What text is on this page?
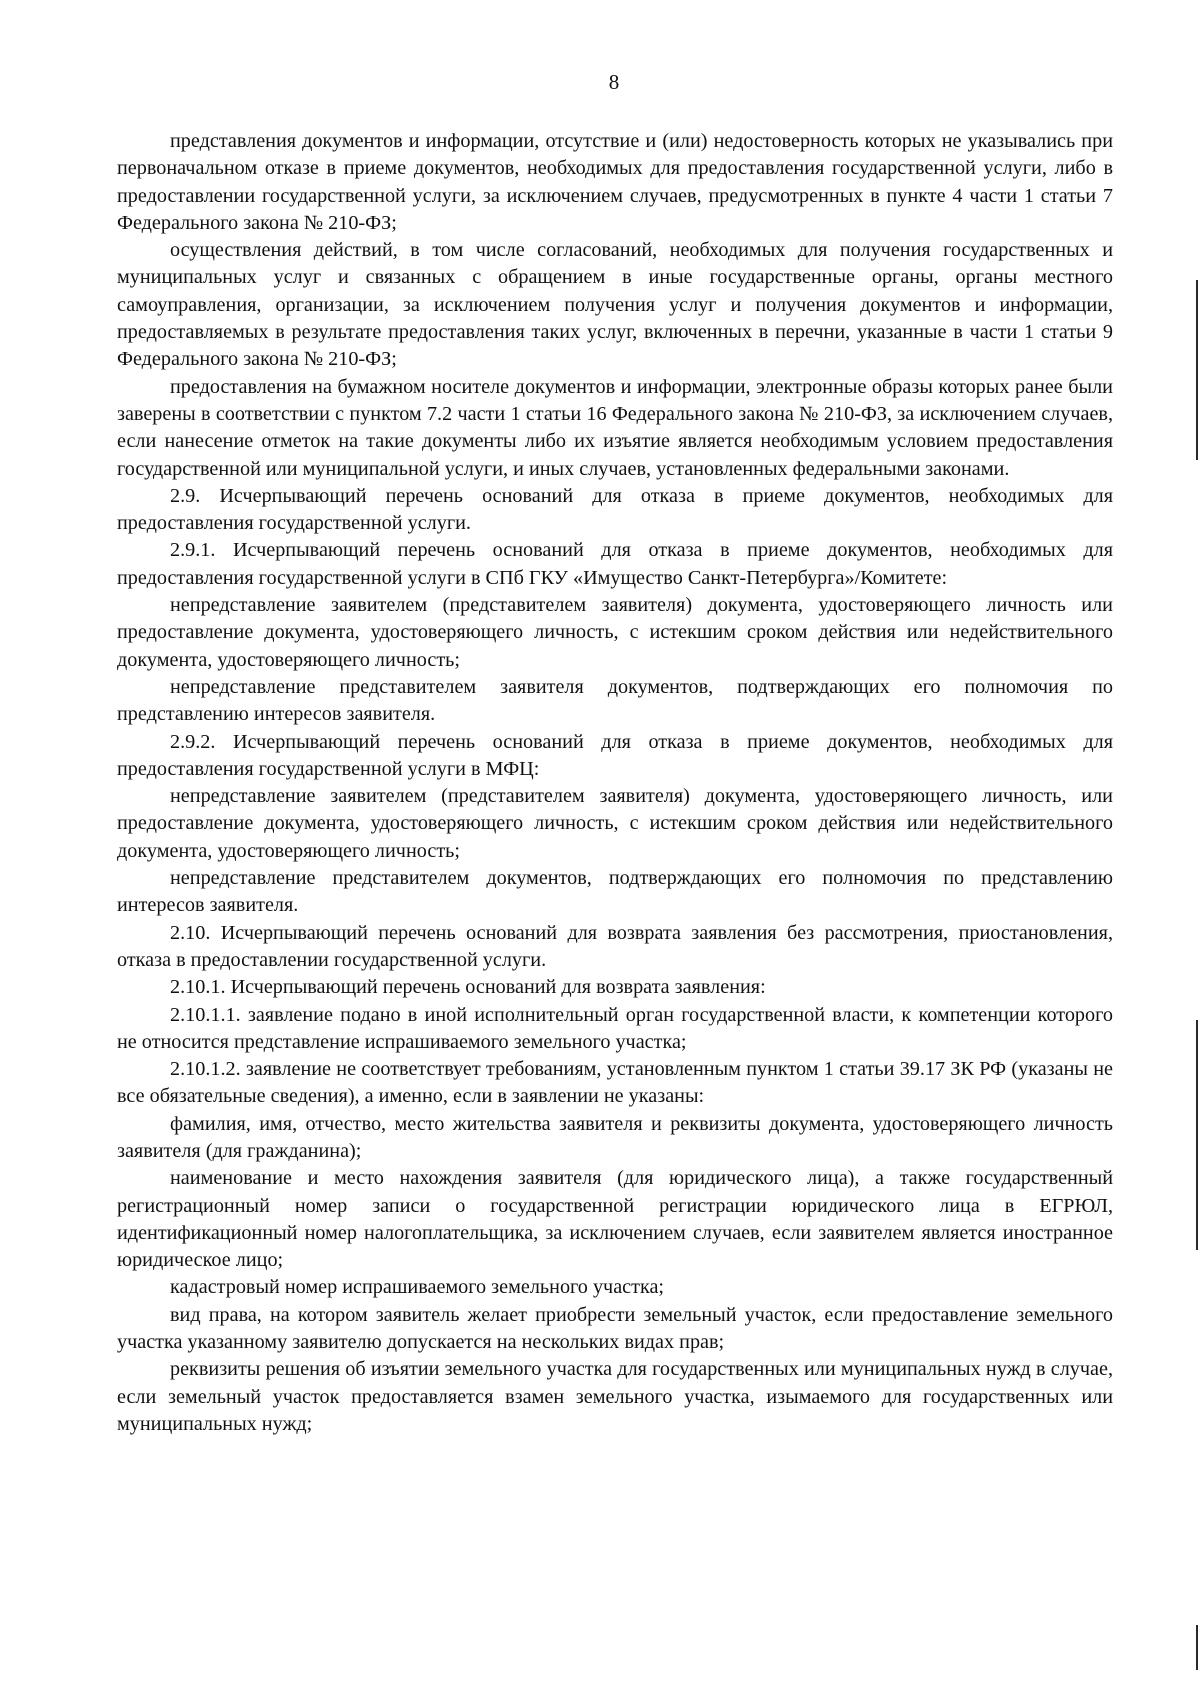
8

представления документов и информации, отсутствие и (или) недостоверность которых не указывались при первоначальном отказе в приеме документов, необходимых для предоставления государственной услуги, либо в предоставлении государственной услуги, за исключением случаев, предусмотренных в пункте 4 части 1 статьи 7 Федерального закона № 210-ФЗ;

осуществления действий, в том числе согласований, необходимых для получения государственных и муниципальных услуг и связанных с обращением в иные государственные органы, органы местного самоуправления, организации, за исключением получения услуг и получения документов и информации, предоставляемых в результате предоставления таких услуг, включенных в перечни, указанные в части 1 статьи 9 Федерального закона № 210-ФЗ;

предоставления на бумажном носителе документов и информации, электронные образы которых ранее были заверены в соответствии с пунктом 7.2 части 1 статьи 16 Федерального закона № 210-ФЗ, за исключением случаев, если нанесение отметок на такие документы либо их изъятие является необходимым условием предоставления государственной или муниципальной услуги, и иных случаев, установленных федеральными законами.

2.9. Исчерпывающий перечень оснований для отказа в приеме документов, необходимых для предоставления государственной услуги.

2.9.1. Исчерпывающий перечень оснований для отказа в приеме документов, необходимых для предоставления государственной услуги в СПб ГКУ «Имущество Санкт-Петербурга»/Комитете:

непредставление заявителем (представителем заявителя) документа, удостоверяющего личность или предоставление документа, удостоверяющего личность, с истекшим сроком действия или недействительного документа, удостоверяющего личность;

непредставление представителем заявителя документов, подтверждающих его полномочия по представлению интересов заявителя.

2.9.2. Исчерпывающий перечень оснований для отказа в приеме документов, необходимых для предоставления государственной услуги в МФЦ:

непредставление заявителем (представителем заявителя) документа, удостоверяющего личность, или предоставление документа, удостоверяющего личность, с истекшим сроком действия или недействительного документа, удостоверяющего личность;

непредставление представителем документов, подтверждающих его полномочия по представлению интересов заявителя.

2.10. Исчерпывающий перечень оснований для возврата заявления без рассмотрения, приостановления, отказа в предоставлении государственной услуги.

2.10.1. Исчерпывающий перечень оснований для возврата заявления:

2.10.1.1. заявление подано в иной исполнительный орган государственной власти, к компетенции которого не относится представление испрашиваемого земельного участка;

2.10.1.2. заявление не соответствует требованиям, установленным пунктом 1 статьи 39.17 ЗК РФ (указаны не все обязательные сведения), а именно, если в заявлении не указаны:

фамилия, имя, отчество, место жительства заявителя и реквизиты документа, удостоверяющего личность заявителя (для гражданина);

наименование и место нахождения заявителя (для юридического лица), а также государственный регистрационный номер записи о государственной регистрации юридического лица в ЕГРЮЛ, идентификационный номер налогоплательщика, за исключением случаев, если заявителем является иностранное юридическое лицо;

кадастровый номер испрашиваемого земельного участка;

вид права, на котором заявитель желает приобрести земельный участок, если предоставление земельного участка указанному заявителю допускается на нескольких видах прав;

реквизиты решения об изъятии земельного участка для государственных или муниципальных нужд в случае, если земельный участок предоставляется взамен земельного участка, изымаемого для государственных или муниципальных нужд;
